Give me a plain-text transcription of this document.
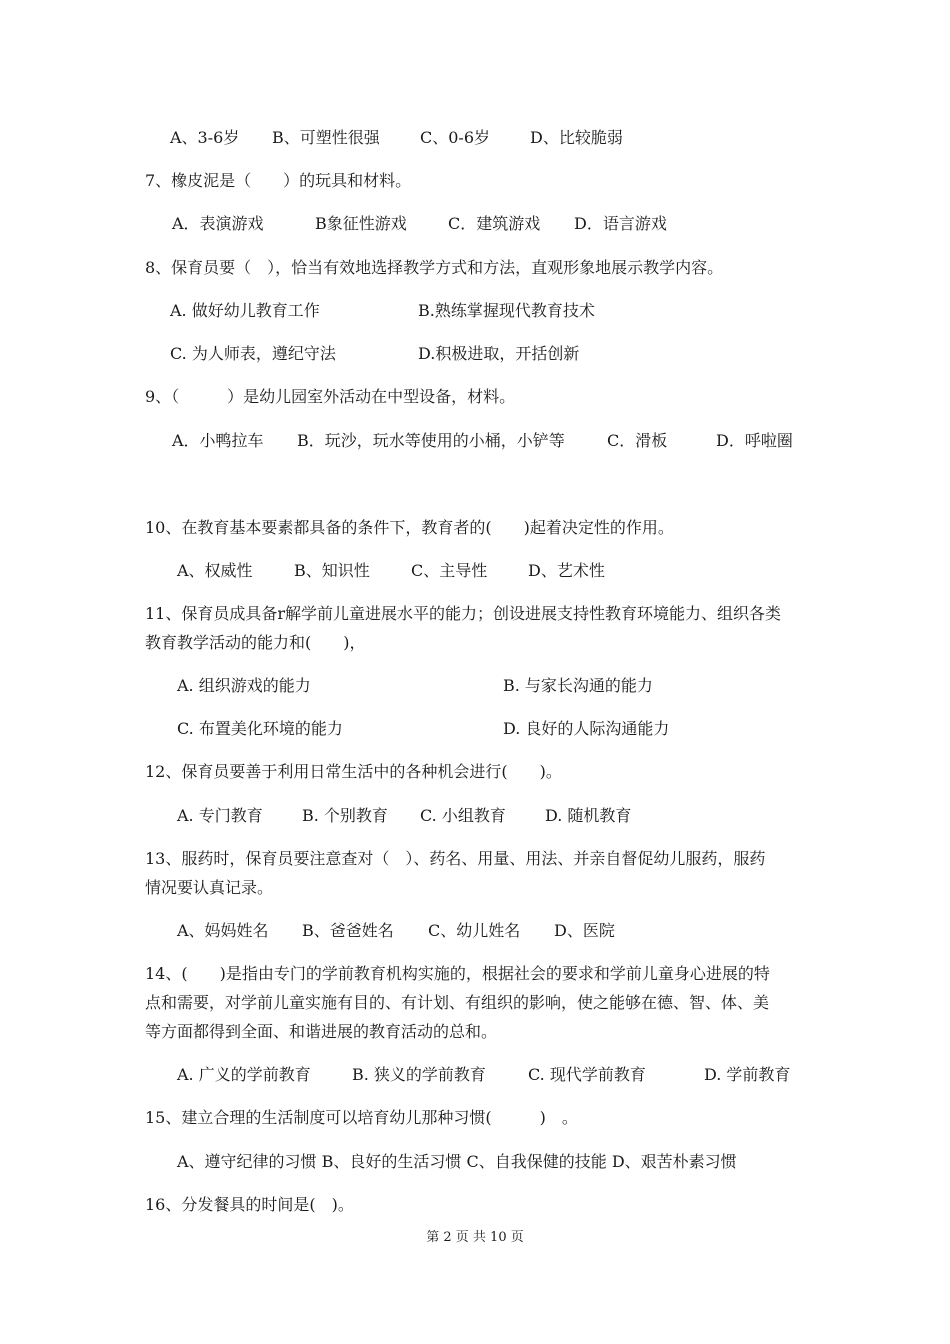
A、3-6岁 B、可塑性很强	C、0-6岁 D、比较脆弱
7、橡皮泥是（　　）的玩具和材料。
A．表演游戏	B象征性游戏	C．建筑游戏 D．语言游戏
8、保育员要（　），恰当有效地选择教学方式和方法，直观形象地展示教学内容。
A. 做好幼儿教育工作	B.熟练掌握现代教育技术
C. 为人师表，遵纪守法	D.积极进取，开括创新
9、（　　　）是幼儿园室外活动在中型设备，材料。
A．小鸭拉车 B．玩沙，玩水等使用的小桶，小铲等	C．滑板	D．呼啦圈
10、在教育基本要素都具备的条件下，教育者的(　　)起着决定性的作用。
A、权威性	B、知识性	C、主导性	D、艺术性
11、保育员成具备r解学前儿童进展水平的能力；创设进展支持性教育环境能力、组织各类
教育教学活动的能力和(　　)，
A. 组织游戏的能力	B. 与家长沟通的能力
C. 布置美化环境的能力	D. 良好的人际沟通能力
12、保育员要善于利用日常生活中的各种机会进行(　　)。
A. 专门教育 B. 个别教育 C. 小组教育 D. 随机教育
13、服药时，保育员要注意查对（　）、药名、用量、用法、并亲自督促幼儿服药，服药
情况要认真记录。
A、妈妈姓名 B、爸爸姓名 C、幼儿姓名 D、医院
14、(　　)是指由专门的学前教育机构实施的，根据社会的要求和学前儿童身心进展的特
点和需要，对学前儿童实施有目的、有计划、有组织的影响，使之能够在德、智、体、美
等方面都得到全面、和谐进展的教育活动的总和。
A. 广义的学前教育	B. 狭义的学前教育	C. 现代学前教育	D. 学前教育
15、建立合理的生活制度可以培育幼儿那种习惯(　　　)　。
A、遵守纪律的习惯 B、良好的生活习惯 C、自我保健的技能 D、艰苦朴素习惯
16、分发餐具的时间是(　)。
第 2 页 共 10 页
